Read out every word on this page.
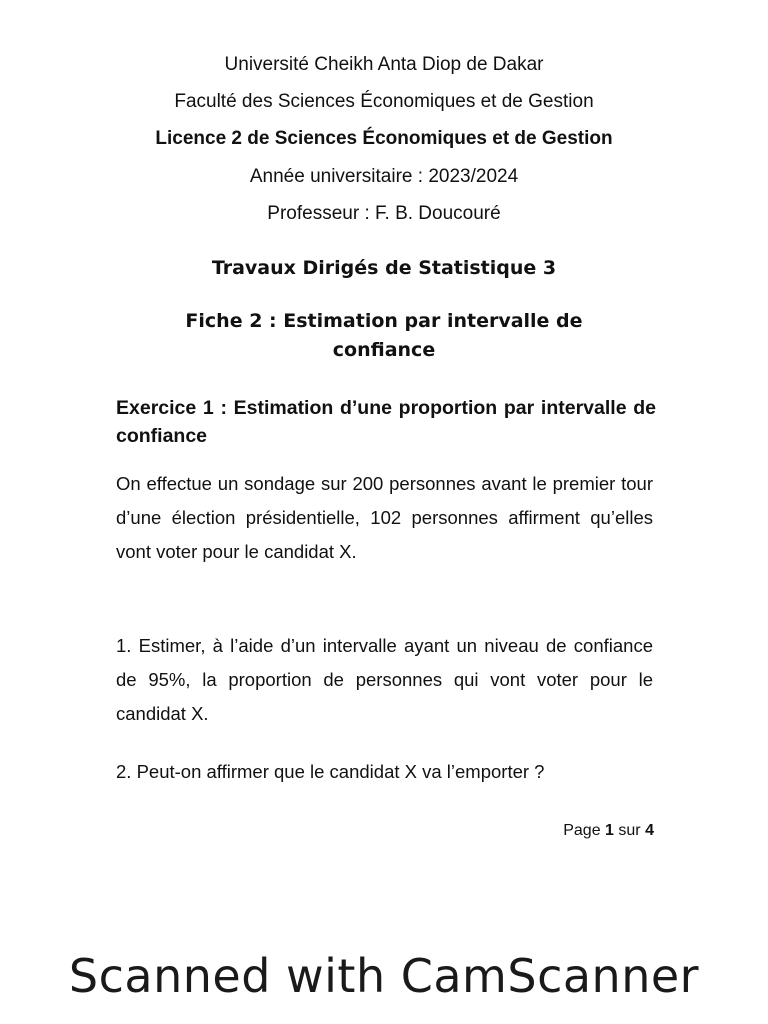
Université Cheikh Anta Diop de Dakar
Faculté des Sciences Économiques et de Gestion
Licence 2 de Sciences Économiques et de Gestion
Année universitaire : 2023/2024
Professeur : F. B. Doucouré
Travaux Dirigés de Statistique 3
Fiche 2 : Estimation par intervalle de
confiance
Exercice 1 : Estimation d’une proportion par intervalle de confiance
On effectue un sondage sur 200 personnes avant le premier tour d’une élection présidentielle, 102 personnes affirment qu’elles vont voter pour le candidat X.
1. Estimer, à l’aide d’un intervalle ayant un niveau de confiance de 95%, la proportion de personnes qui vont voter pour le candidat X.
2. Peut-on affirmer que le candidat X va l’emporter ?
Page 1 sur 4
Scanned with CamScanner
